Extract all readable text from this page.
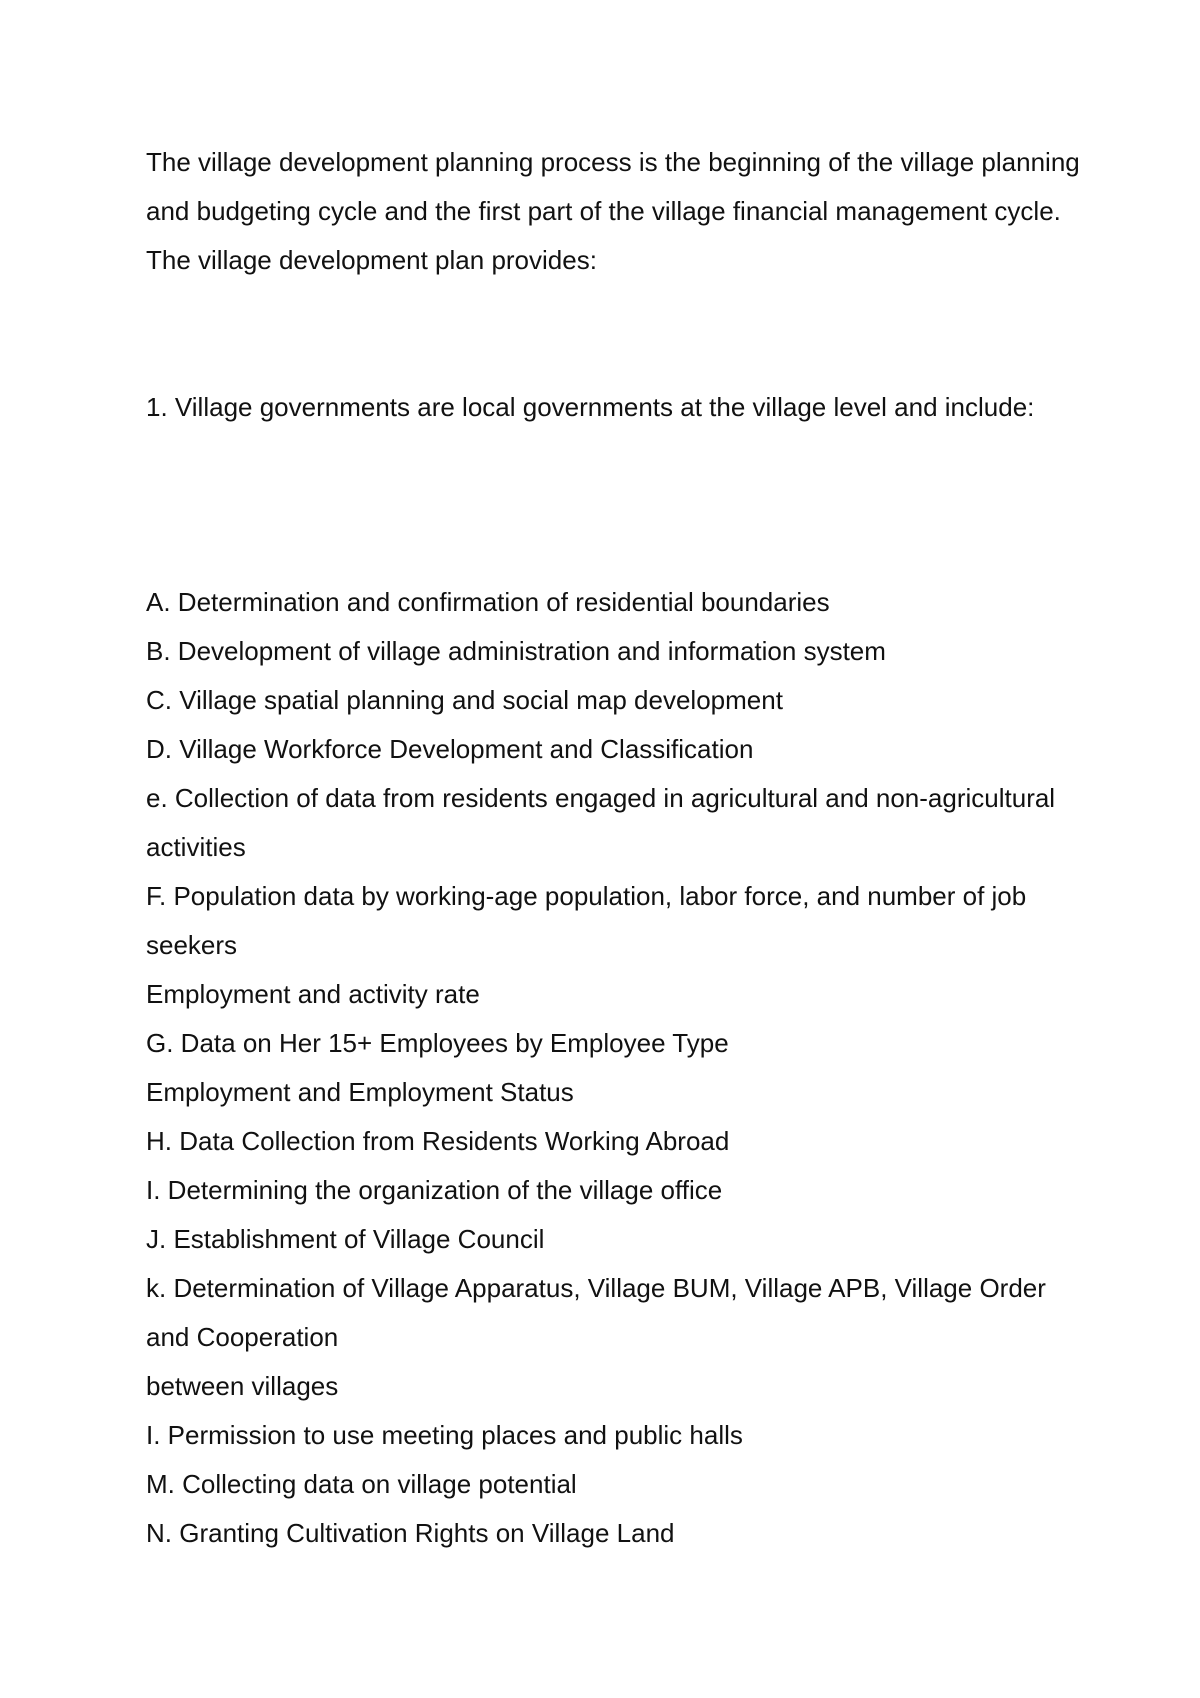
The village development planning process is the beginning of the village planning and budgeting cycle and the first part of the village financial management cycle. The village development plan provides:

1. Village governments are local governments at the village level and include:

A. Determination and confirmation of residential boundaries

B. Development of village administration and information system

C. Village spatial planning and social map development

D. Village Workforce Development and Classification

e. Collection of data from residents engaged in agricultural and non-agricultural activities

F. Population data by working-age population, labor force, and number of job seekers

Employment and activity rate

G. Data on Her 15+ Employees by Employee Type

Employment and Employment Status

H. Data Collection from Residents Working Abroad

I. Determining the organization of the village office

J. Establishment of Village Council

k. Determination of Village Apparatus, Village BUM, Village APB, Village Order and Cooperation

between villages

I. Permission to use meeting places and public halls

M. Collecting data on village potential

N. Granting Cultivation Rights on Village Land
